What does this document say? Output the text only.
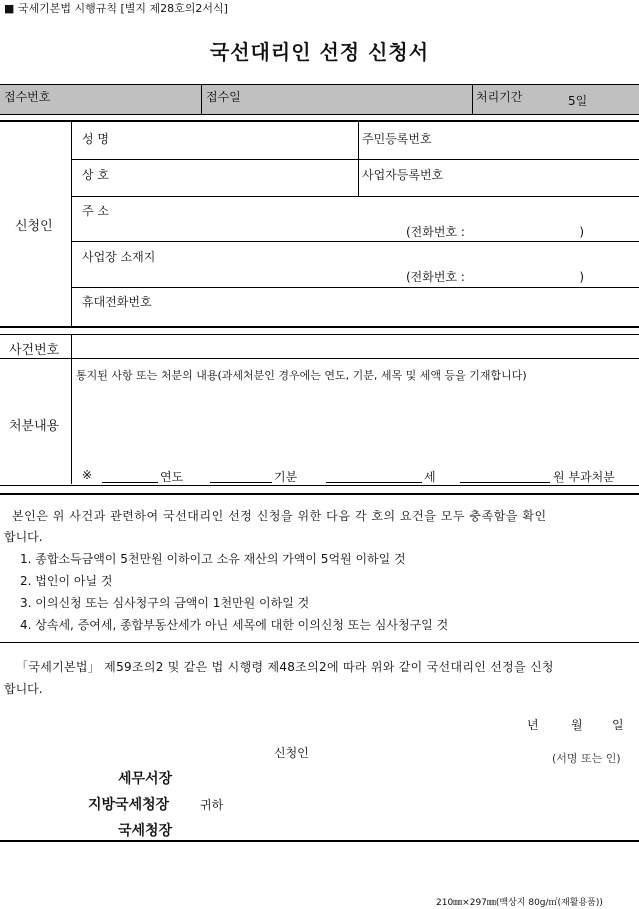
■ 국세기본법 시행규칙 [별지 제28호의2서식]
국선대리인 선정 신청서
접수번호	접수일	처리기간	5일
신청인
성 명	주민등록번호
상 호	사업자등록번호
주 소
(전화번호 :                              )
사업장 소재지
(전화번호 :                              )
휴대전화번호
사건번호
처분내용
통지된 사항 또는 처분의 내용(과세처분인 경우에는 연도, 기분, 세목 및 세액 등을 기재합니다)
※	연도	기분	세	원 부과처분
본인은 위 사건과 관련하여 국선대리인 선정 신청을 위한 다음 각 호의 요건을 모두 충족함을 확인
합니다.
1. 종합소득금액이 5천만원 이하이고 소유 재산의 가액이 5억원 이하일 것
2. 법인이 아닐 것
3. 이의신청 또는 심사청구의 금액이 1천만원 이하일 것
4. 상속세, 증여세, 종합부동산세가 아닌 세목에 대한 이의신청 또는 심사청구일 것
「국세기본법」 제59조의2 및 같은 법 시행령 제48조의2에 따라 위와 같이 국선대리인 선정을 신청
합니다.
년	월 일
신청인	(서명 또는 인)
세무서장
지방국세청장	귀하
국세청장
210㎜×297㎜(백상지 80g/㎡(재활용품))
